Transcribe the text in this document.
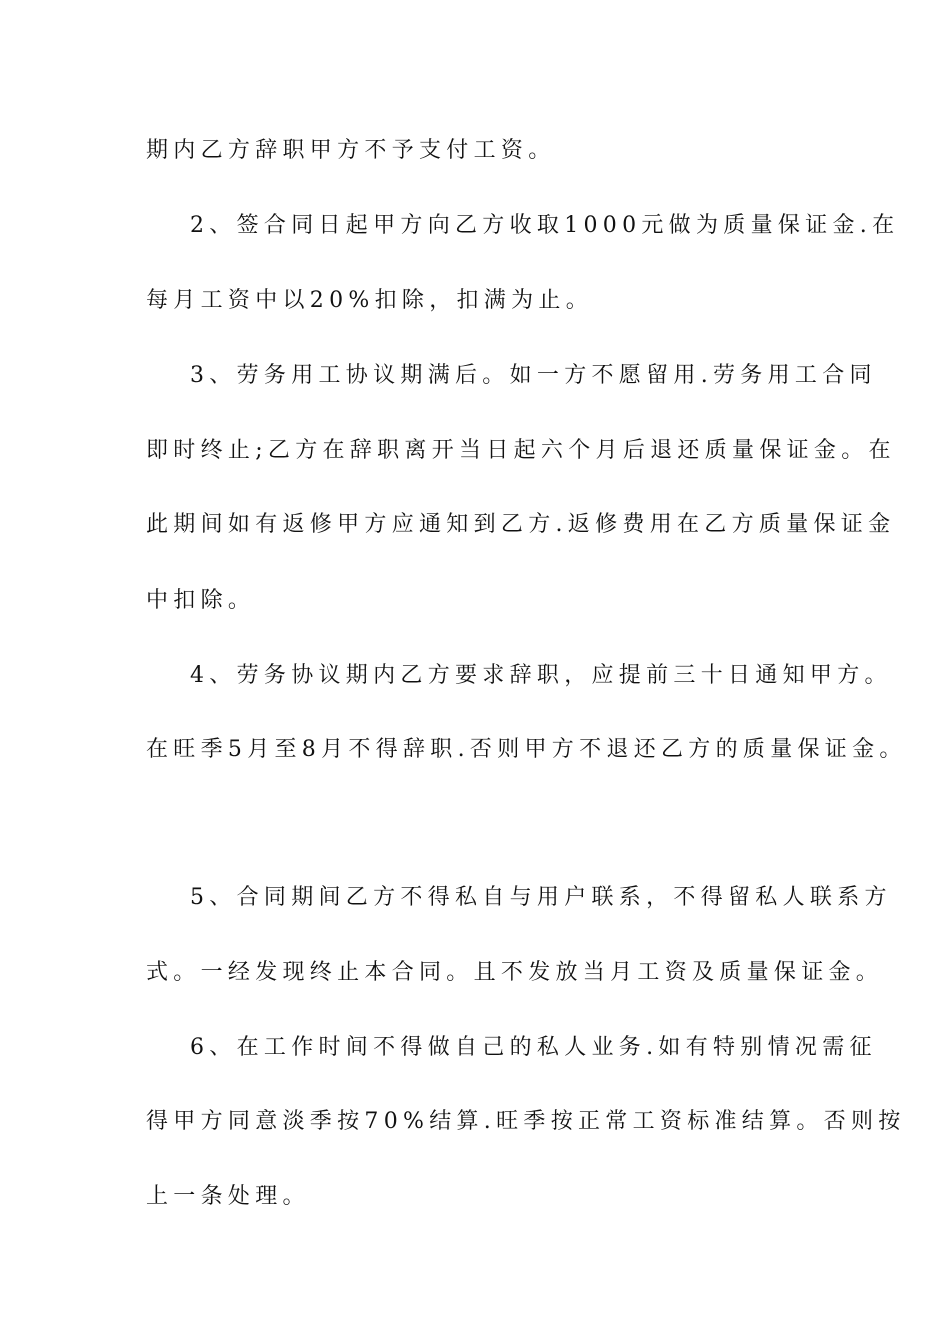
期内乙方辞职甲方不予支付工资。
2、签合同日起甲方向乙方收取1000元做为质量保证金.在
每月工资中以20%扣除，扣满为止。
3、劳务用工协议期满后。如一方不愿留用.劳务用工合同
即时终止;乙方在辞职离开当日起六个月后退还质量保证金。在
此期间如有返修甲方应通知到乙方.返修费用在乙方质量保证金
中扣除。
4、劳务协议期内乙方要求辞职，应提前三十日通知甲方。
在旺季5月至8月不得辞职.否则甲方不退还乙方的质量保证金。
5、合同期间乙方不得私自与用户联系，不得留私人联系方
式。一经发现终止本合同。且不发放当月工资及质量保证金。
6、在工作时间不得做自己的私人业务.如有特别情况需征
得甲方同意淡季按70%结算.旺季按正常工资标准结算。否则按
上一条处理。
